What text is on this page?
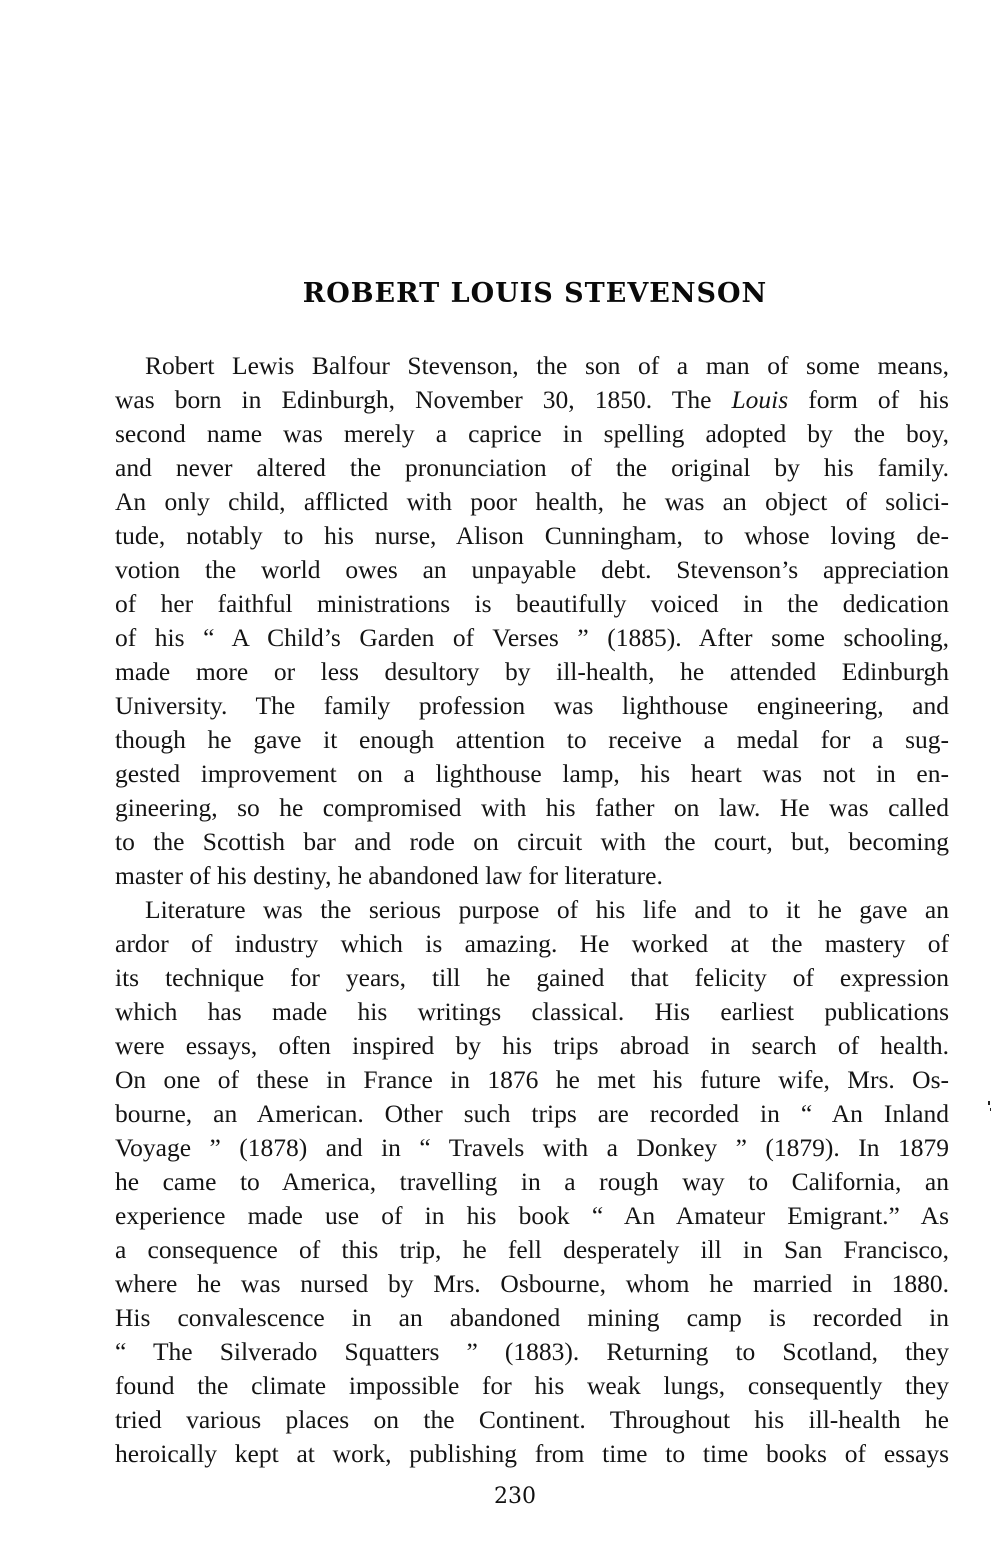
ROBERT LOUIS STEVENSON
Robert Lewis Balfour Stevenson, the son of a man of some means,
was born in Edinburgh, November 30, 1850. The Louis form of his
second name was merely a caprice in spelling adopted by the boy,
and never altered the pronunciation of the original by his family.
An only child, afflicted with poor health, he was an object of solici-
tude, notably to his nurse, Alison Cunningham, to whose loving de-
votion the world owes an unpayable debt. Stevenson’s appreciation
of her faithful ministrations is beautifully voiced in the dedication
of his “ A Child’s Garden of Verses ” (1885). After some schooling,
made more or less desultory by ill-health, he attended Edinburgh
University. The family profession was lighthouse engineering, and
though he gave it enough attention to receive a medal for a sug-
gested improvement on a lighthouse lamp, his heart was not in en-
gineering, so he compromised with his father on law. He was called
to the Scottish bar and rode on circuit with the court, but, becoming
master of his destiny, he abandoned law for literature.
Literature was the serious purpose of his life and to it he gave an
ardor of industry which is amazing. He worked at the mastery of
its technique for years, till he gained that felicity of expression
which has made his writings classical. His earliest publications
were essays, often inspired by his trips abroad in search of health.
On one of these in France in 1876 he met his future wife, Mrs. Os-
bourne, an American. Other such trips are recorded in “ An Inland
Voyage ” (1878) and in “ Travels with a Donkey ” (1879). In 1879
he came to America, travelling in a rough way to California, an
experience made use of in his book “ An Amateur Emigrant.” As
a consequence of this trip, he fell desperately ill in San Francisco,
where he was nursed by Mrs. Osbourne, whom he married in 1880.
His convalescence in an abandoned mining camp is recorded in
“ The Silverado Squatters ” (1883). Returning to Scotland, they
found the climate impossible for his weak lungs, consequently they
tried various places on the Continent. Throughout his ill-health he
heroically kept at work, publishing from time to time books of essays
230
